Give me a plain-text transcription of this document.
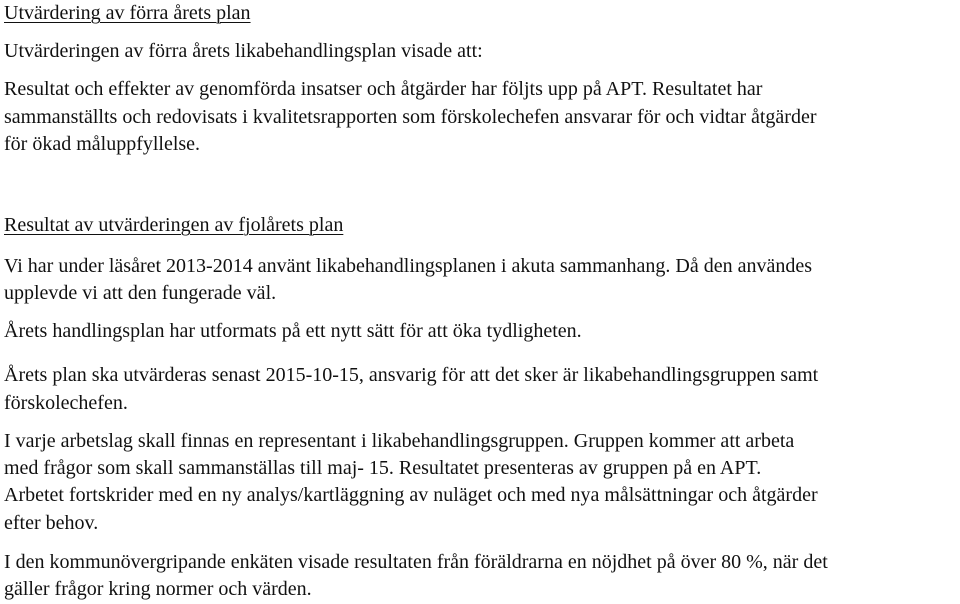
Utvärdering av förra årets plan

Utvärderingen av förra årets likabehandlingsplan visade att:

Resultat och effekter av genomförda insatser och åtgärder har följts upp på APT. Resultatet har

sammanställts och redovisats i kvalitetsrapporten som förskolechefen ansvarar för och vidtar åtgärder

för ökad måluppfyllelse.

Resultat av utvärderingen av fjolårets plan

Vi har under läsåret 2013-2014 använt likabehandlingsplanen i akuta sammanhang. Då den användes

upplevde vi att den fungerade väl.

Årets handlingsplan har utformats på ett nytt sätt för att öka tydligheten.

Årets plan ska utvärderas senast 2015-10-15, ansvarig för att det sker är likabehandlingsgruppen samt

förskolechefen.

I varje arbetslag skall finnas en representant i likabehandlingsgruppen. Gruppen kommer att arbeta

med frågor som skall sammanställas till maj- 15. Resultatet presenteras av gruppen på en APT.

Arbetet fortskrider med en ny analys/kartläggning av nuläget och med nya målsättningar och åtgärder

efter behov.

I den kommunövergripande enkäten visade resultaten från föräldrarna en nöjdhet på över 80 %, när det

gäller frågor kring normer och värden.
